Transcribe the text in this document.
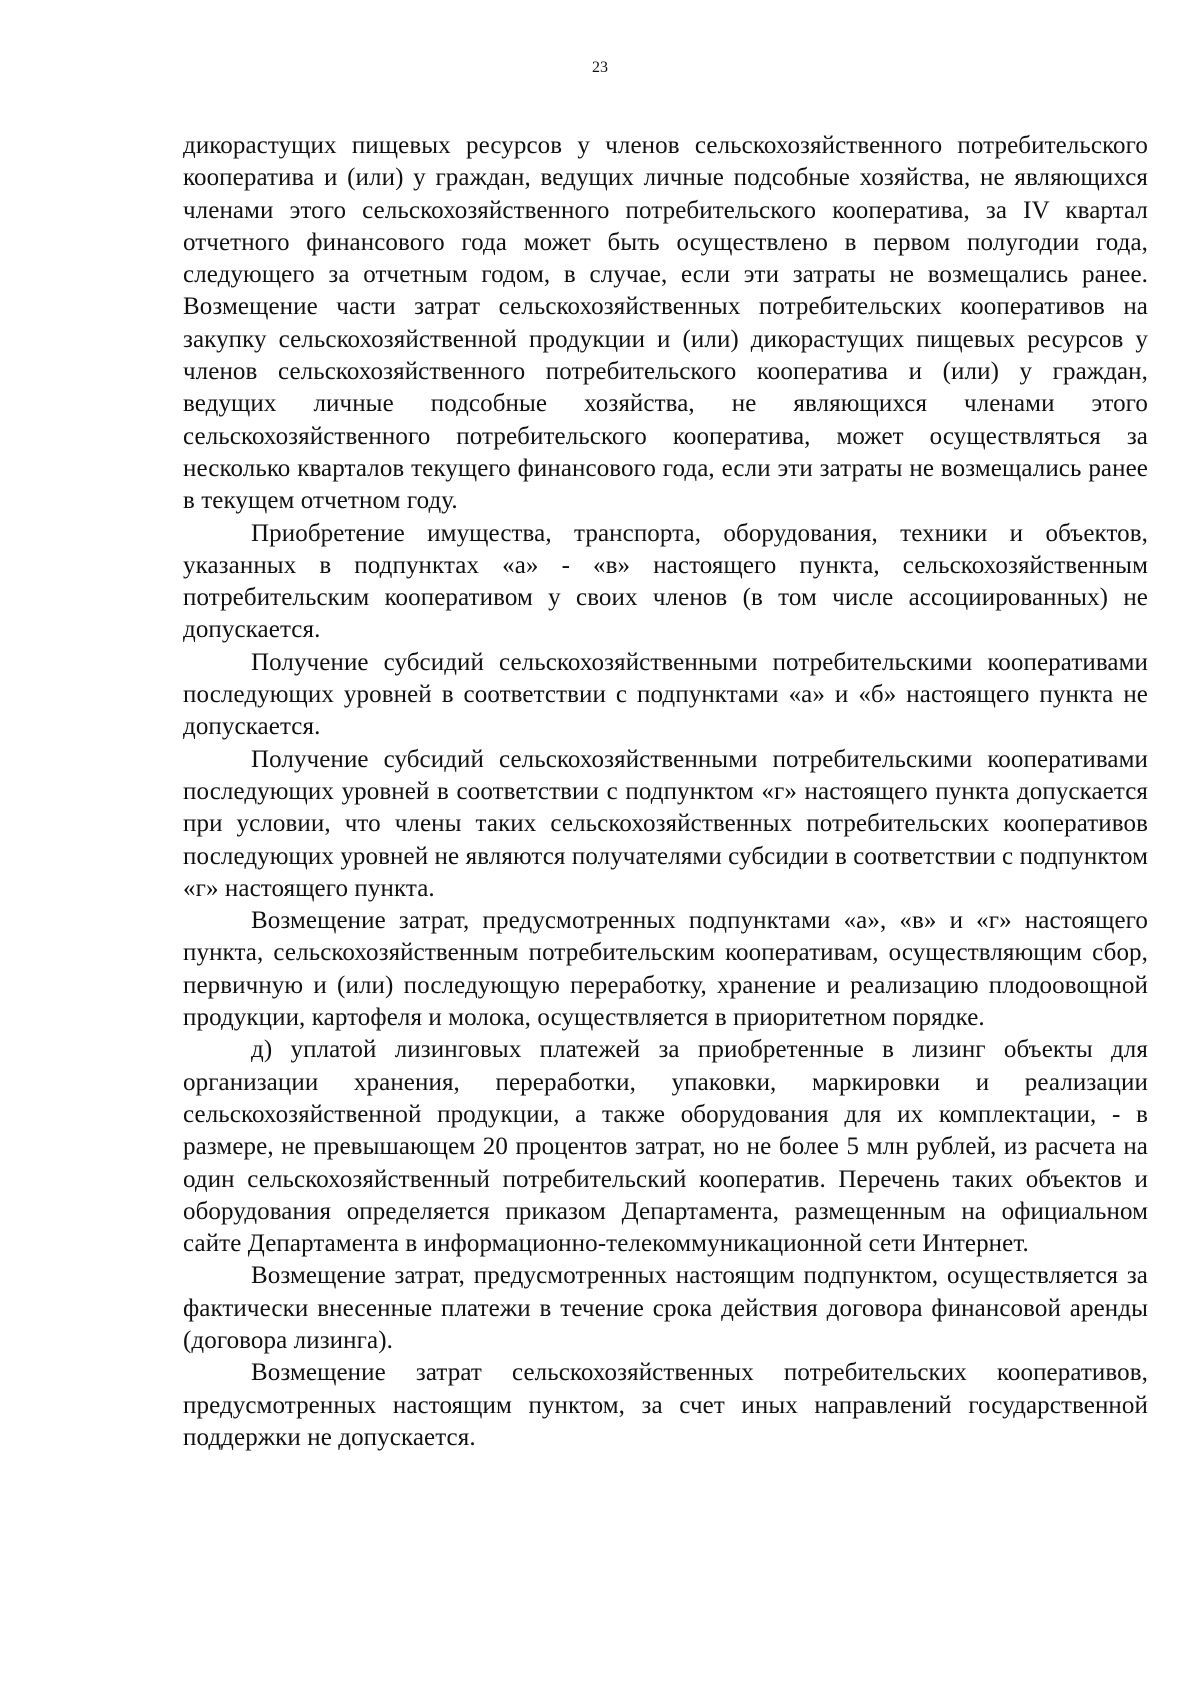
23

дикорастущих пищевых ресурсов у членов сельскохозяйственного потребительского кооператива и (или) у граждан, ведущих личные подсобные хозяйства, не являющихся членами этого сельскохозяйственного потребительского кооператива, за IV квартал отчетного финансового года может быть осуществлено в первом полугодии года, следующего за отчетным годом, в случае, если эти затраты не возмещались ранее. Возмещение части затрат сельскохозяйственных потребительских кооперативов на закупку сельскохозяйственной продукции и (или) дикорастущих пищевых ресурсов у членов сельскохозяйственного потребительского кооператива и (или) у граждан, ведущих личные подсобные хозяйства, не являющихся членами этого сельскохозяйственного потребительского кооператива, может осуществляться за несколько кварталов текущего финансового года, если эти затраты не возмещались ранее в текущем отчетном году.

Приобретение имущества, транспорта, оборудования, техники и объектов, указанных в подпунктах «а» - «в» настоящего пункта, сельскохозяйственным потребительским кооперативом у своих членов (в том числе ассоциированных) не допускается.

Получение субсидий сельскохозяйственными потребительскими кооперативами последующих уровней в соответствии с подпунктами «а» и «б» настоящего пункта не допускается.

Получение субсидий сельскохозяйственными потребительскими кооперативами последующих уровней в соответствии с подпунктом «г» настоящего пункта допускается при условии, что члены таких сельскохозяйственных потребительских кооперативов последующих уровней не являются получателями субсидии в соответствии с подпунктом «г» настоящего пункта.

Возмещение затрат, предусмотренных подпунктами «а», «в» и «г» настоящего пункта, сельскохозяйственным потребительским кооперативам, осуществляющим сбор, первичную и (или) последующую переработку, хранение и реализацию плодоовощной продукции, картофеля и молока, осуществляется в приоритетном порядке.

д) уплатой лизинговых платежей за приобретенные в лизинг объекты для организации хранения, переработки, упаковки, маркировки и реализации сельскохозяйственной продукции, а также оборудования для их комплектации, - в размере, не превышающем 20 процентов затрат, но не более 5 млн рублей, из расчета на один сельскохозяйственный потребительский кооператив. Перечень таких объектов и оборудования определяется приказом Департамента, размещенным на официальном сайте Департамента в информационно-телекоммуникационной сети Интернет.

Возмещение затрат, предусмотренных настоящим подпунктом, осуществляется за фактически внесенные платежи в течение срока действия договора финансовой аренды (договора лизинга).

Возмещение затрат сельскохозяйственных потребительских кооперативов, предусмотренных настоящим пунктом, за счет иных направлений государственной поддержки не допускается.
